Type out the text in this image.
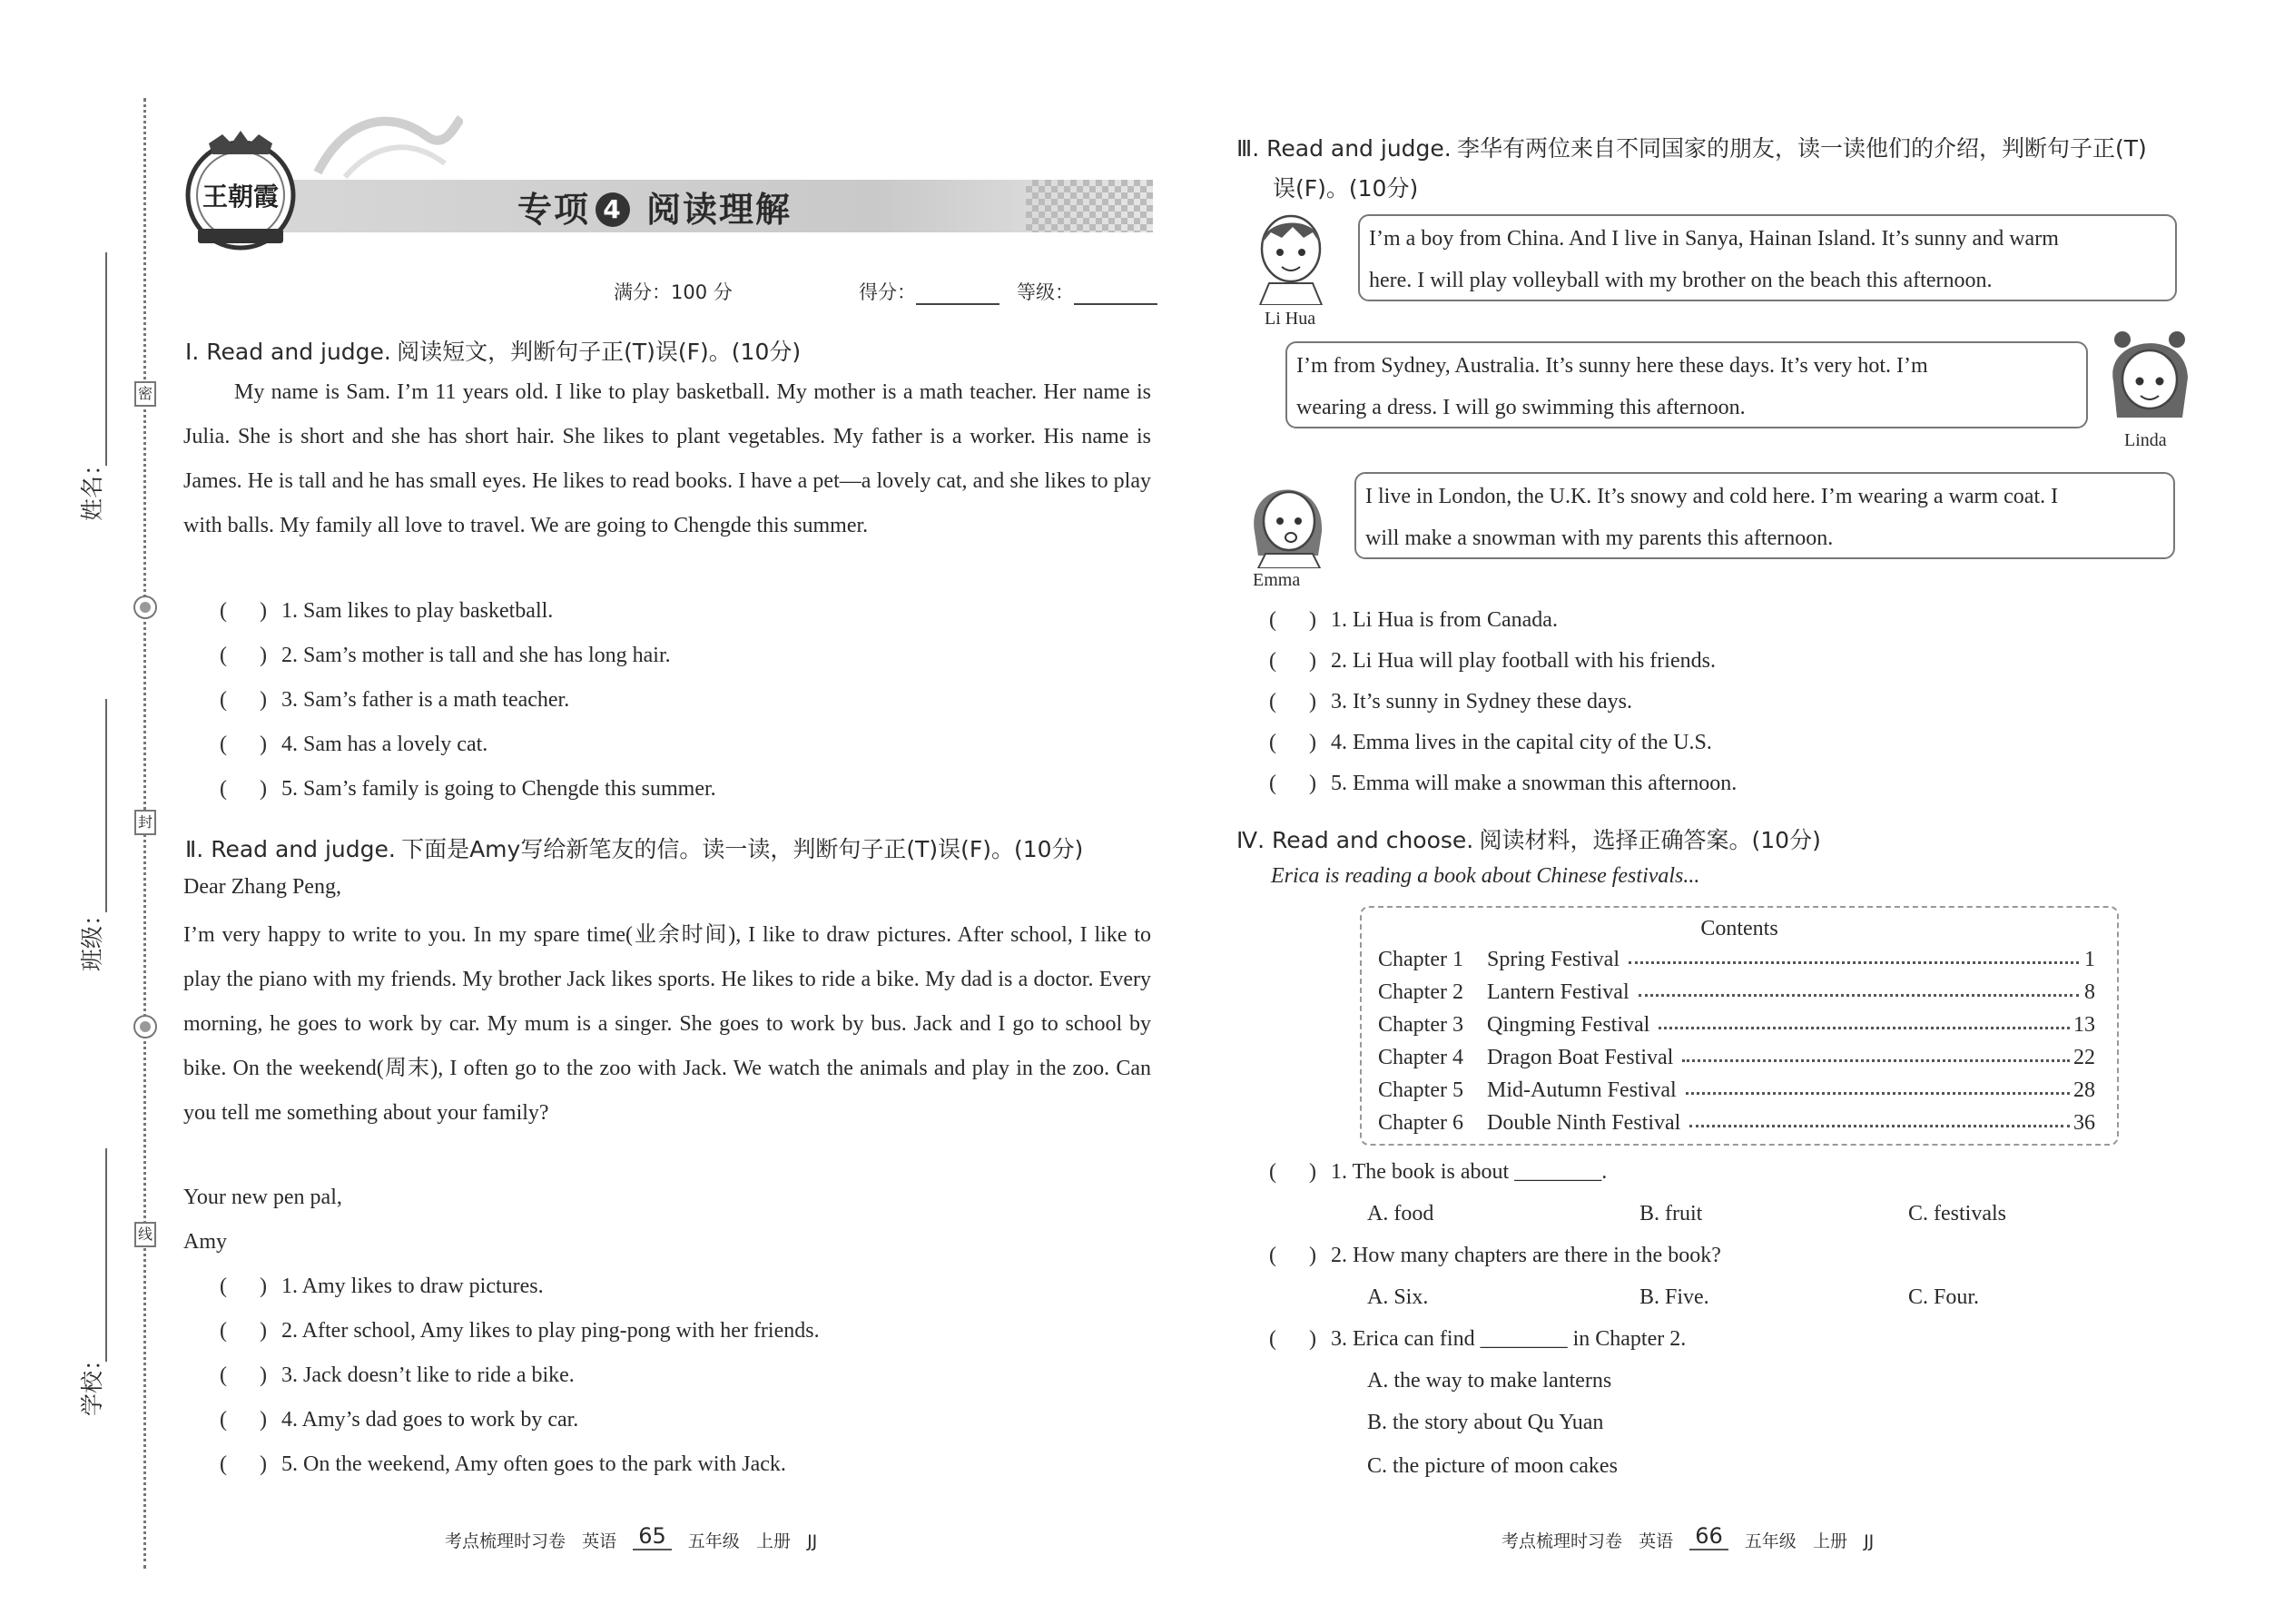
姓名：
班级：
学校：
密
封
线
王朝霞	专项 4 阅读理解
满分：100 分	得分：	等级：
Ⅰ. Read and judge. 阅读短文，判断句子正(T)误(F)。(10分)
My name is Sam. I’m 11 years old. I like to play basketball. My mother is a math teacher. Her name is Julia. She is short and she has short hair. She likes to plant vegetables. My father is a worker. His name is James. He is tall and he has small eyes. He likes to read books. I have a pet—a lovely cat, and she likes to play with balls. My family all love to travel. We are going to Chengde this summer.
(      ) 1. Sam likes to play basketball.
(      ) 2. Sam’s mother is tall and she has long hair.
(      ) 3. Sam’s father is a math teacher.
(      ) 4. Sam has a lovely cat.
(      ) 5. Sam’s family is going to Chengde this summer.
Ⅱ. Read and judge. 下面是Amy写给新笔友的信。读一读，判断句子正(T)误(F)。(10分)
Dear Zhang Peng,
I’m very happy to write to you. In my spare time(业余时间), I like to draw pictures. After school, I like to play the piano with my friends. My brother Jack likes sports. He likes to ride a bike. My dad is a doctor. Every morning, he goes to work by car. My mum is a singer. She goes to work by bus. Jack and I go to school by bike. On the weekend(周末), I often go to the zoo with Jack. We watch the animals and play in the zoo. Can you tell me something about your family?
Your new pen pal,
Amy
(      ) 1. Amy likes to draw pictures.
(      ) 2. After school, Amy likes to play ping-pong with her friends.
(      ) 3. Jack doesn’t like to ride a bike.
(      ) 4. Amy’s dad goes to work by car.
(      ) 5. On the weekend, Amy often goes to the park with Jack.
考点梳理时习卷 英语 65 五年级 上册 JJ
Ⅲ. Read and judge. 李华有两位来自不同国家的朋友，读一读他们的介绍，判断句子正(T)
误(F)。(10分)
Li Hua
I’m a boy from China. And I live in Sanya, Hainan Island. It’s sunny and warm
here. I will play volleyball with my brother on the beach this afternoon.
I’m from Sydney, Australia. It’s sunny here these days. It’s very hot. I’m
wearing a dress. I will go swimming this afternoon.
Linda
Emma
I live in London, the U.K. It’s snowy and cold here. I’m wearing a warm coat. I
will make a snowman with my parents this afternoon.
(      ) 1. Li Hua is from Canada.
(      ) 2. Li Hua will play football with his friends.
(      ) 3. It’s sunny in Sydney these days.
(      ) 4. Emma lives in the capital city of the U.S.
(      ) 5. Emma will make a snowman this afternoon.
Ⅳ. Read and choose. 阅读材料，选择正确答案。(10分)
Erica is reading a book about Chinese festivals...
Contents
Chapter 1	Spring Festival	1
Chapter 2	Lantern Festival	8
Chapter 3	Qingming Festival	13
Chapter 4	Dragon Boat Festival	22
Chapter 5	Mid-Autumn Festival	28
Chapter 6	Double Ninth Festival	36
(      ) 1. The book is about ________.
A. food	B. fruit	C. festivals
(      ) 2. How many chapters are there in the book?
A. Six.	B. Five.	C. Four.
(      ) 3. Erica can find ________ in Chapter 2.
A. the way to make lanterns
B. the story about Qu Yuan
C. the picture of moon cakes
考点梳理时习卷 英语 66 五年级 上册 JJ
